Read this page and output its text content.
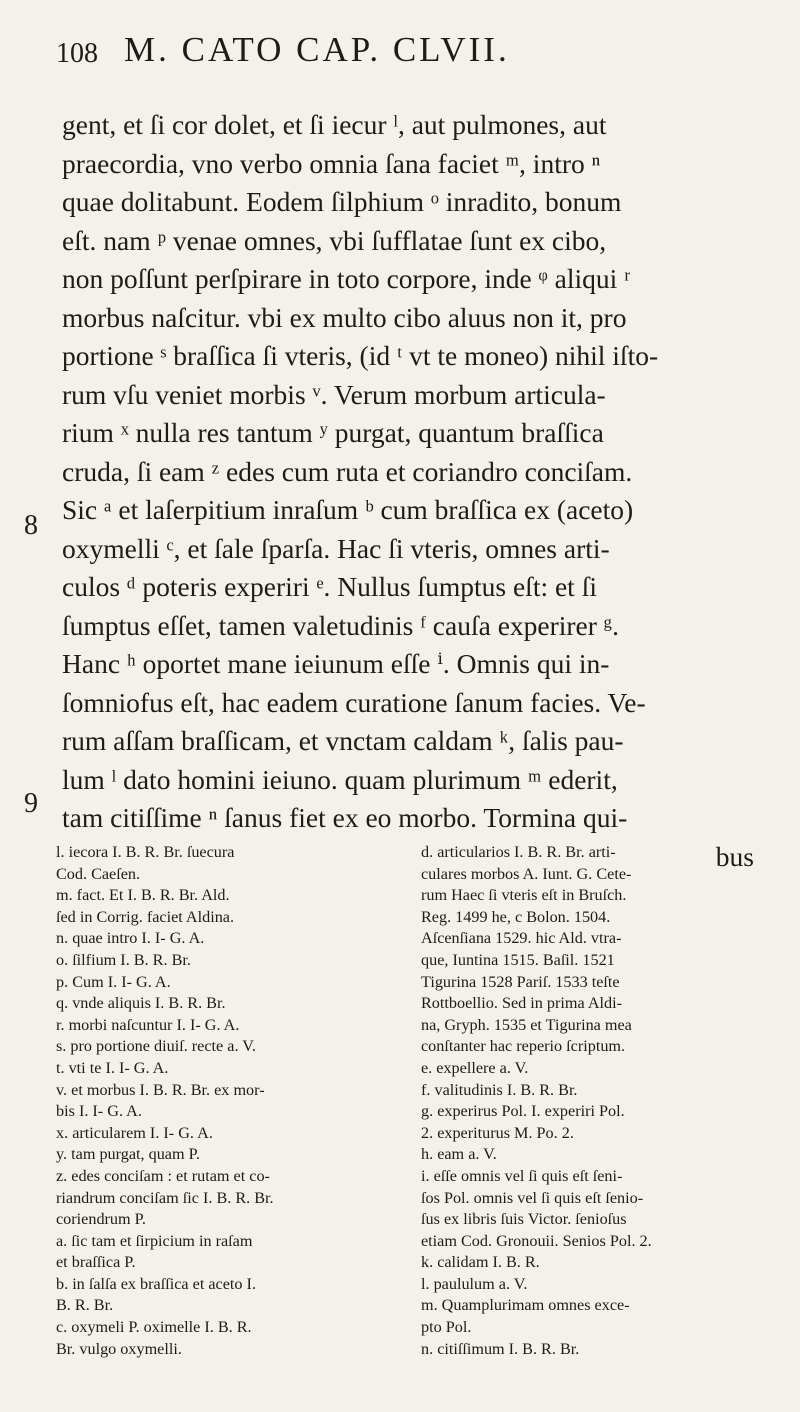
108 M. CATO CAP. CLVII.
8
9
gent, et ſi cor dolet, et ſi iecur ˡ, aut pulmones, aut
praecordia, vno verbo omnia ſana faciet ᵐ, intro ⁿ
quae dolitabunt. Eodem ſilphium ᵒ inradito, bonum
eſt. nam ᵖ venae omnes, vbi ſufflatae ſunt ex cibo,
non poſſunt perſpirare in toto corpore, inde ᵠ aliqui ʳ
morbus naſcitur. vbi ex multo cibo aluus non it, pro
portione ˢ braſſica ſi vteris, (id ᵗ vt te moneo) nihil iſto-
rum vſu veniet morbis ᵛ. Verum morbum articula-
rium ˣ nulla res tantum ʸ purgat, quantum braſſica
cruda, ſi eam ᶻ edes cum ruta et coriandro conciſam.
Sic ᵃ et laſerpitium inraſum ᵇ cum braſſica ex (aceto)
oxymelli ᶜ, et ſale ſparſa. Hac ſi vteris, omnes arti-
culos ᵈ poteris experiri ᵉ. Nullus ſumptus eſt: et ſi
ſumptus eſſet, tamen valetudinis ᶠ cauſa experirer ᵍ.
Hanc ʰ oportet mane ieiunum eſſe ⁱ. Omnis qui in-
ſomniofus eſt, hac eadem curatione ſanum facies. Ve-
rum aſſam braſſicam, et vnctam caldam ᵏ, ſalis pau-
lum ˡ dato homini ieiuno. quam plurimum ᵐ ederit,
tam citiſſime ⁿ ſanus fiet ex eo morbo. Tormina qui-
bus
l. iecora I. B. R. Br. ſuecura
Cod. Caeſen.
m. fact. Et I. B. R. Br. Ald.
ſed in Corrig. faciet Aldina.
n. quae intro I. I- G. A.
o. ſilfium I. B. R. Br.
p. Cum I. I- G. A.
q. vnde aliquis I. B. R. Br.
r. morbi naſcuntur I. I- G. A.
s. pro portione diuiſ. recte a. V.
t. vti te I. I- G. A.
v. et morbus I. B. R. Br. ex mor-
bis I. I- G. A.
x. articularem I. I- G. A.
y. tam purgat, quam P.
z. edes conciſam : et rutam et co-
riandrum conciſam ſic I. B. R. Br.
coriendrum P.
a. ſic tam et ſirpicium in raſam
et braſſica P.
b. in ſalſa ex braſſica et aceto I.
B. R. Br.
c. oxymeli P. oximelle I. B. R.
Br. vulgo oxymelli.
d. articularios I. B. R. Br. arti-
culares morbos A. Iunt. G. Cete-
rum Haec ſi vteris eſt in Bruſch.
Reg. 1499 he, c Bolon. 1504.
Aſcenſiana 1529. hic Ald. vtra-
que, Iuntina 1515. Baſil. 1521
Tigurina 1528 Pariſ. 1533 teſte
Rottboellio. Sed in prima Aldi-
na, Gryph. 1535 et Tigurina mea
conſtanter hac reperio ſcriptum.
e. expellere a. V.
f. valitudinis I. B. R. Br.
g. experirus Pol. I. experiri Pol.
2. experiturus M. Po. 2.
h. eam a. V.
i. eſſe omnis vel ſi quis eſt ſeni-
ſos Pol. omnis vel ſi quis eſt ſenio-
ſus ex libris ſuis Victor. ſenioſus
etiam Cod. Gronouii. Senios Pol. 2.
k. calidam I. B. R.
l. paululum a. V.
m. Quamplurimam omnes exce-
pto Pol.
n. citiſſimum I. B. R. Br.
